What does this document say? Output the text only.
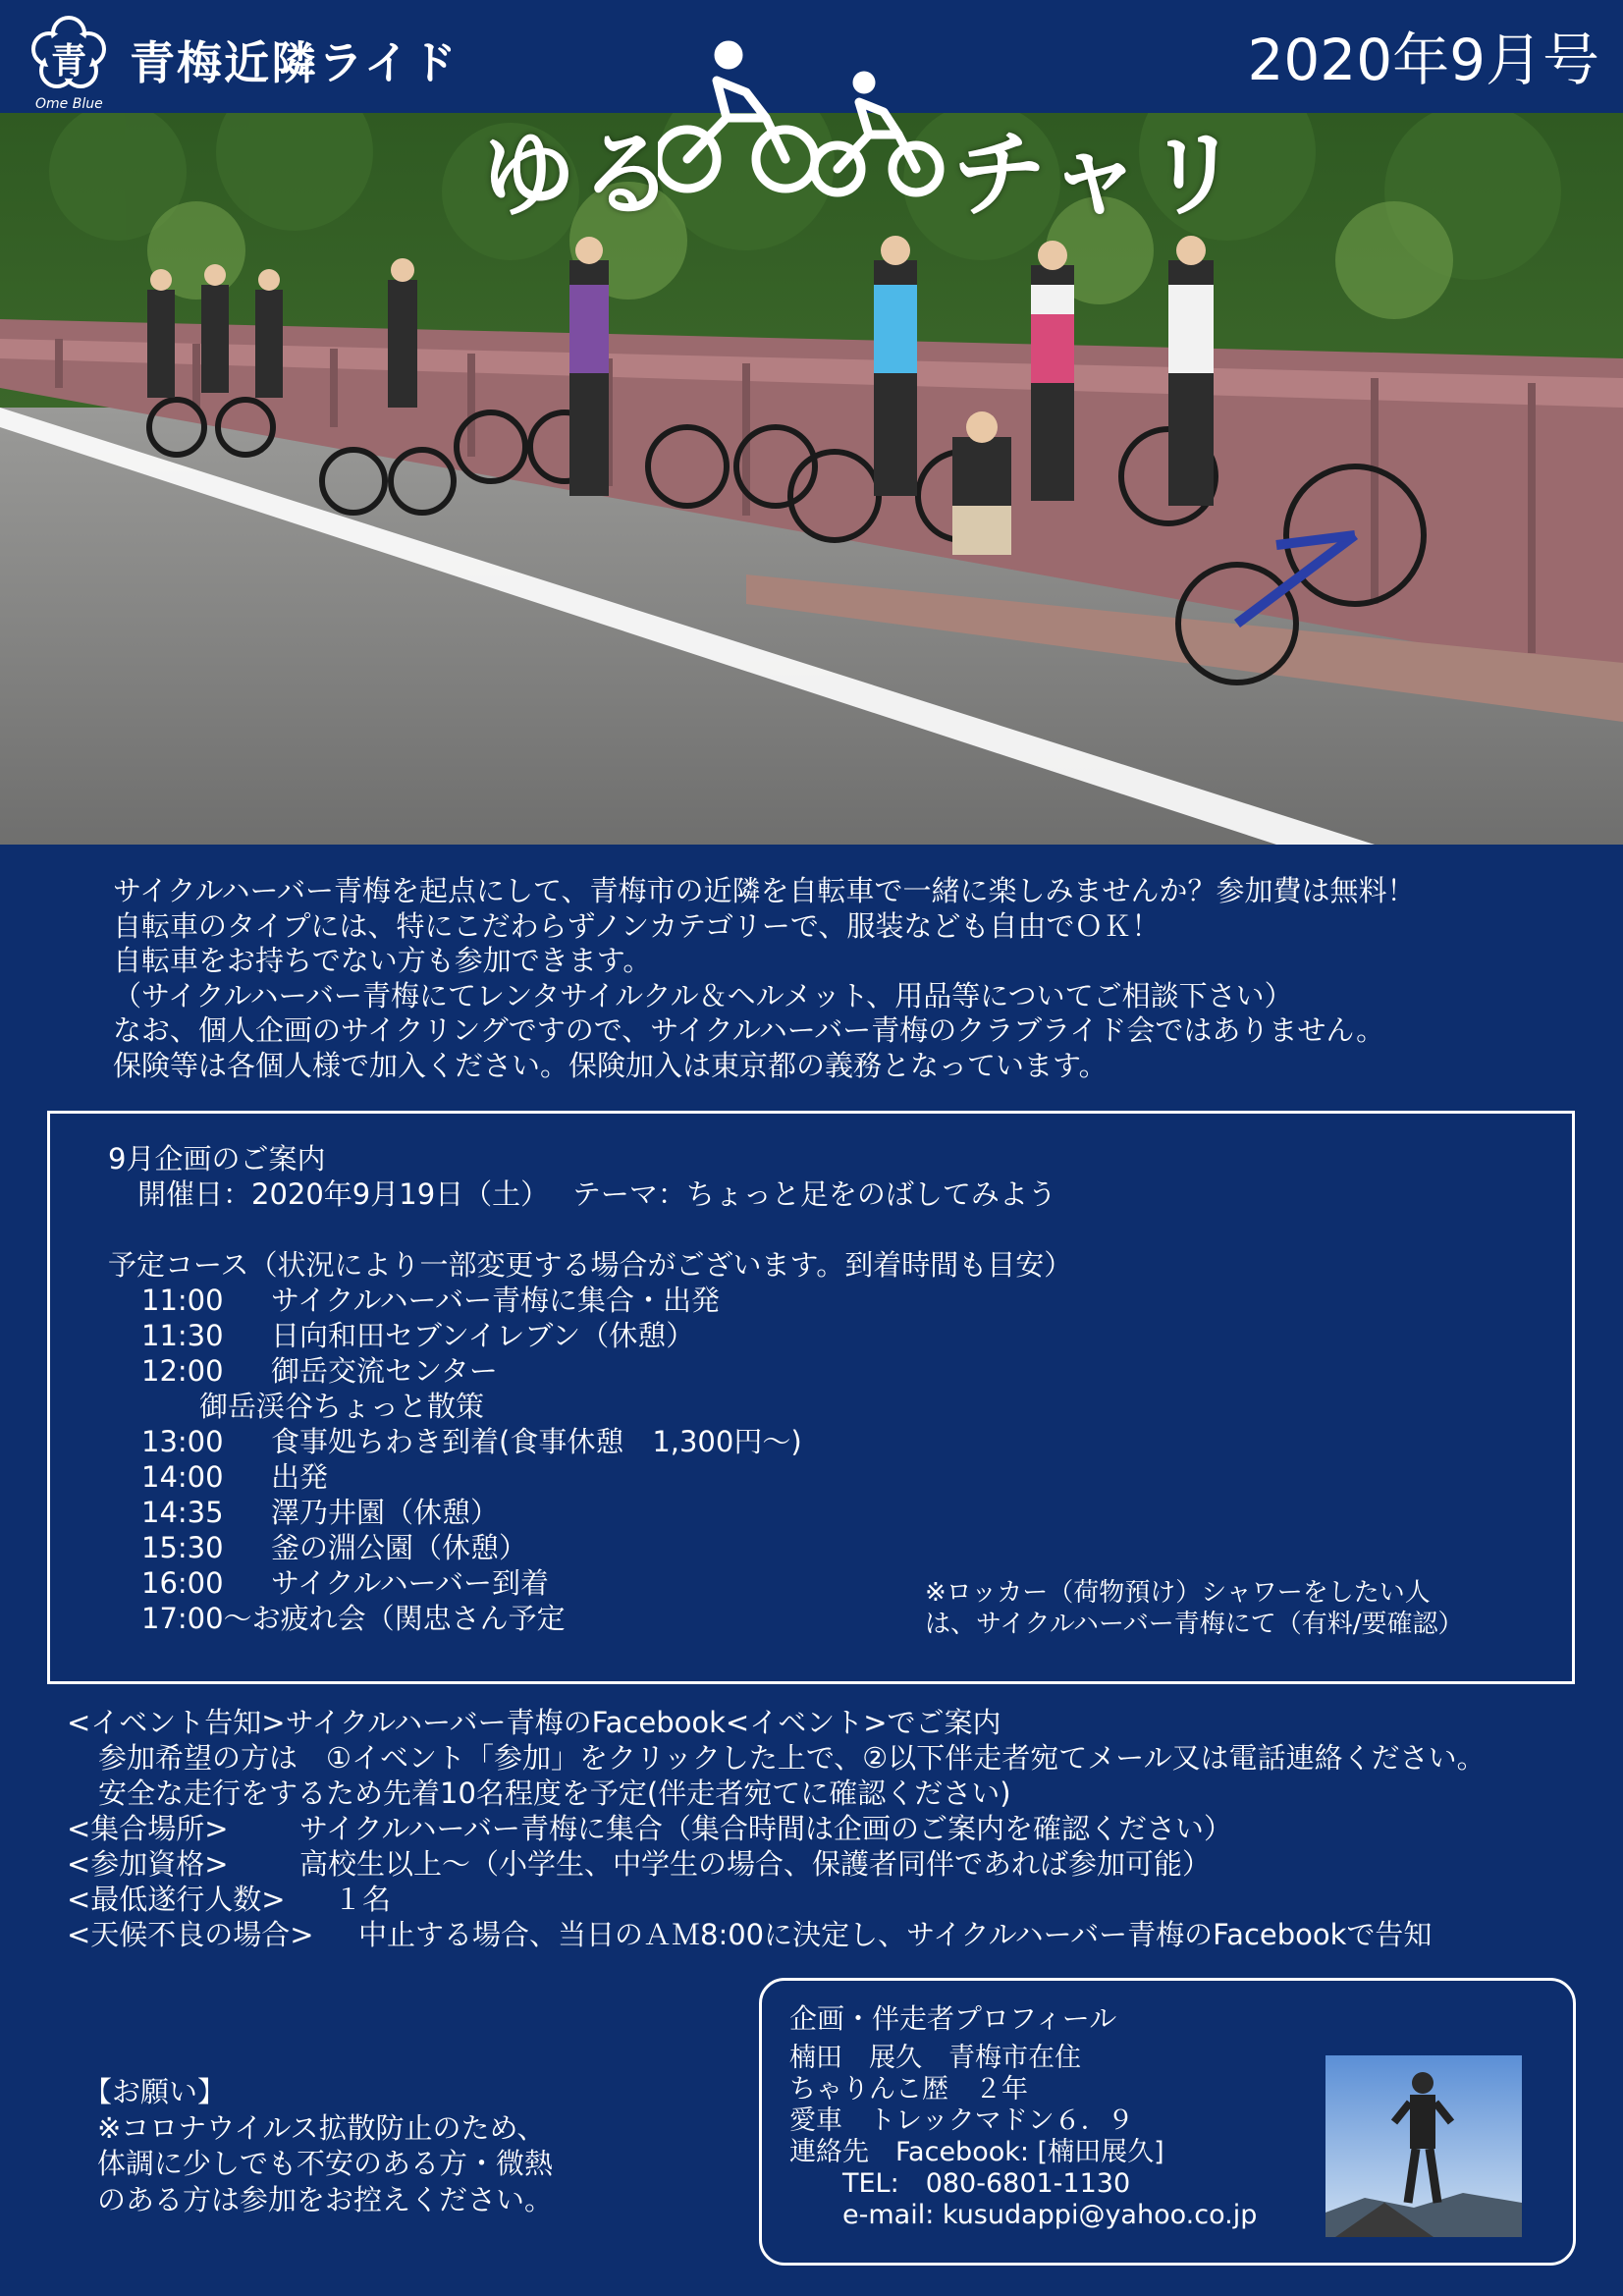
青 青梅近隣ライド
Ome Blue
2020年9月号
ゆる	チャリ
サイクルハーバー青梅を起点にして、青梅市の近隣を自転車で一緒に楽しみませんか？参加費は無料！
自転車のタイプには、特にこだわらずノンカテゴリーで、服装なども自由でＯＫ！
自転車をお持ちでない方も参加できます。
（サイクルハーバー青梅にてレンタサイルクル＆ヘルメット、用品等についてご相談下さい）
なお、個人企画のサイクリングですので、サイクルハーバー青梅のクラブライド会ではありません。
保険等は各個人様で加入ください。保険加入は東京都の義務となっています。
9月企画のご案内
開催日：2020年9月19日（土）　 テーマ：ちょっと足をのばしてみよう
予定コース（状況により一部変更する場合がございます。到着時間も目安）
11:00 サイクルハーバー青梅に集合・出発
11:30 日向和田セブンイレブン（休憩）
12:00 御岳交流センター
御岳渓谷ちょっと散策
13:00 食事処ちわき到着(食事休憩　1,300円～)
14:00 出発
14:35 澤乃井園（休憩）
15:30 釜の淵公園（休憩）
16:00 サイクルハーバー到着
17:00～お疲れ会（関忠さん予定
※ロッカー（荷物預け）シャワーをしたい人
は、サイクルハーバー青梅にて（有料/要確認）
<イベント告知>サイクルハーバー青梅のFacebook<イベント>でご案内
参加希望の方は　①イベント「参加」をクリックした上で、②以下伴走者宛てメール又は電話連絡ください。
安全な走行をするため先着10名程度を予定(伴走者宛てに確認ください)
<集合場所> サイクルハーバー青梅に集合（集合時間は企画のご案内を確認ください）
<参加資格> 高校生以上～（小学生、中学生の場合、保護者同伴であれば参加可能）
<最低遂行人数> １名
<天候不良の場合> 中止する場合、当日のＡＭ8:00に決定し、サイクルハーバー青梅のFacebookで告知
【お願い】
※コロナウイルス拡散防止のため、
体調に少しでも不安のある方・微熱
のある方は参加をお控えください。
企画・伴走者プロフィール
楠田　展久　青梅市在住
ちゃりんこ歴　２年
愛車　トレックマドン６．９
連絡先　Facebook: [楠田展久]
TEL:　080-6801-1130
e-mail: kusudappi@yahoo.co.jp
